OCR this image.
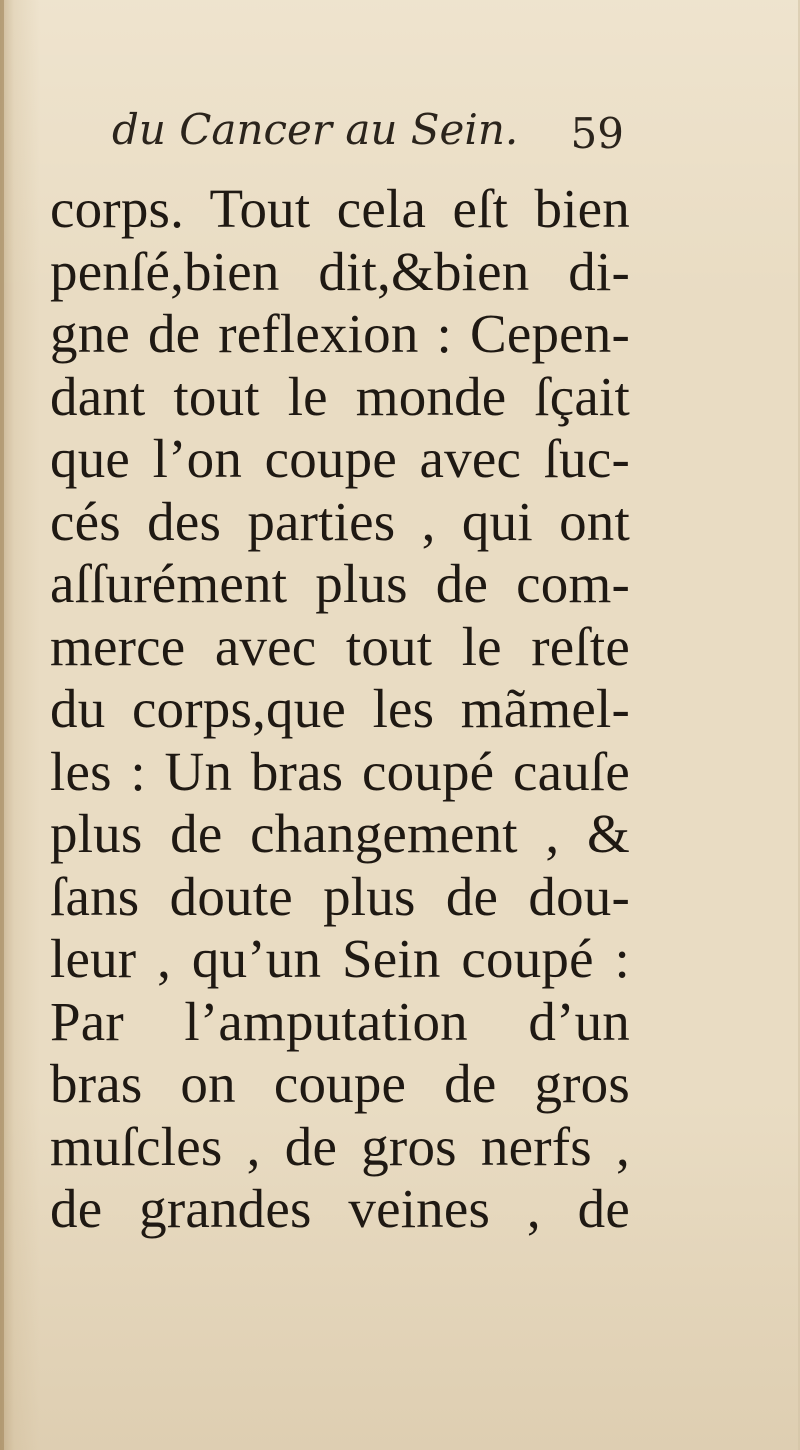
du Cancer au Sein. 59
corps. Tout cela eſt bien
penſé,bien dit,&bien di-
gne de reflexion : Cepen-
dant tout le monde ſçait
que l’on coupe avec ſuc-
cés des parties , qui ont
aſſurément plus de com-
merce avec tout le reſte
du corps,que les mãmel-
les : Un bras coupé cauſe
plus de changement , &
ſans doute plus de dou-
leur , qu’un Sein coupé :
Par l’amputation d’un
bras on coupe de gros
muſcles , de gros nerfs ,
de grandes veines , de
